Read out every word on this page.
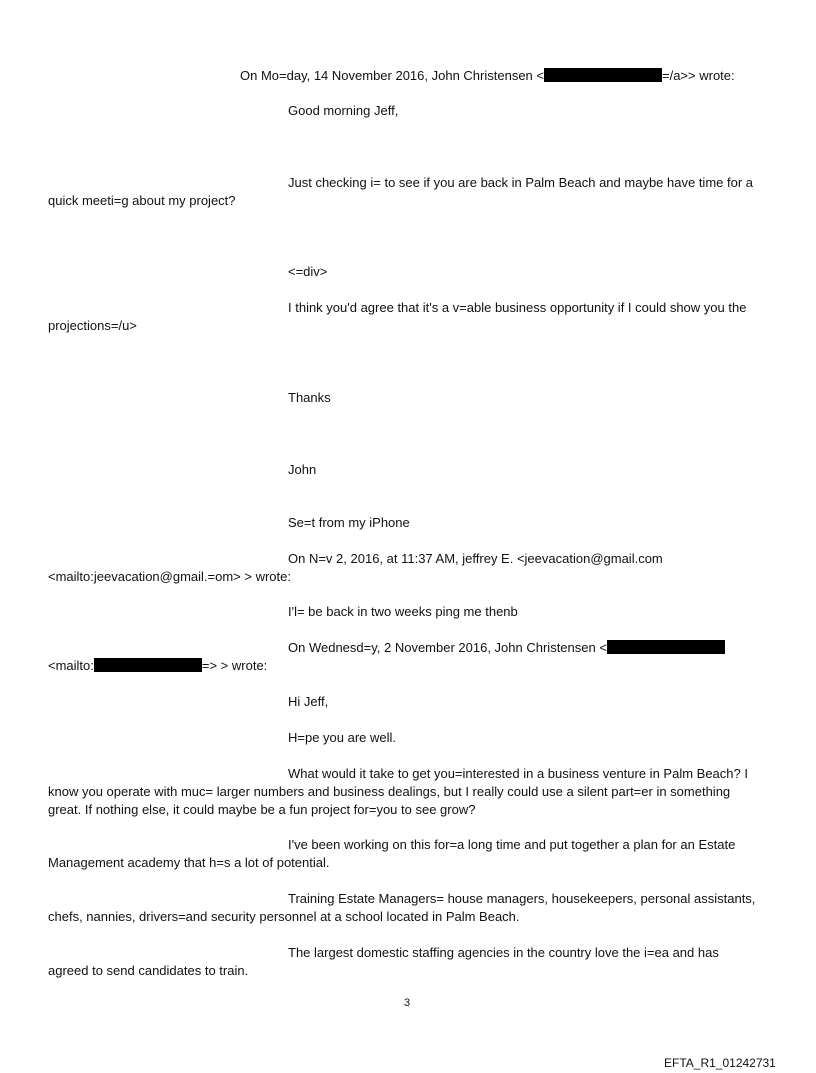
On Mo=day, 14 November 2016, John Christensen <	=/a>> wrote:
Good morning Jeff,
Just checking i= to see if you are back in Palm Beach and maybe have time for a
quick meeti=g about my project?
<=div>
I think you'd agree that it's a v=able business opportunity if I could show you the
projections=/u>
Thanks
John
Se=t from my iPhone
On N=v 2, 2016, at 11:37 AM, jeffrey E. <jeevacation@gmail.com
<mailto:jeevacation@gmail.=om> > wrote:
I'l= be back in two weeks ping me thenb
On Wednesd=y, 2 November 2016, John Christensen <
<mailto:	=> > wrote:
Hi Jeff,
H=pe you are well.
What would it take to get you=interested in a business venture in Palm Beach? I
know you operate with muc= larger numbers and business dealings, but I really could use a silent part=er in something
great. If nothing else, it could maybe be a fun project for=you to see grow?
I've been working on this for=a long time and put together a plan for an Estate
Management academy that h=s a lot of potential.
Training Estate Managers= house managers, housekeepers, personal assistants,
chefs, nannies, drivers=and security personnel at a school located in Palm Beach.
The largest domestic staffing agencies in the country love the i=ea and has
agreed to send candidates to train.
3
EFTA_R1_01242731
